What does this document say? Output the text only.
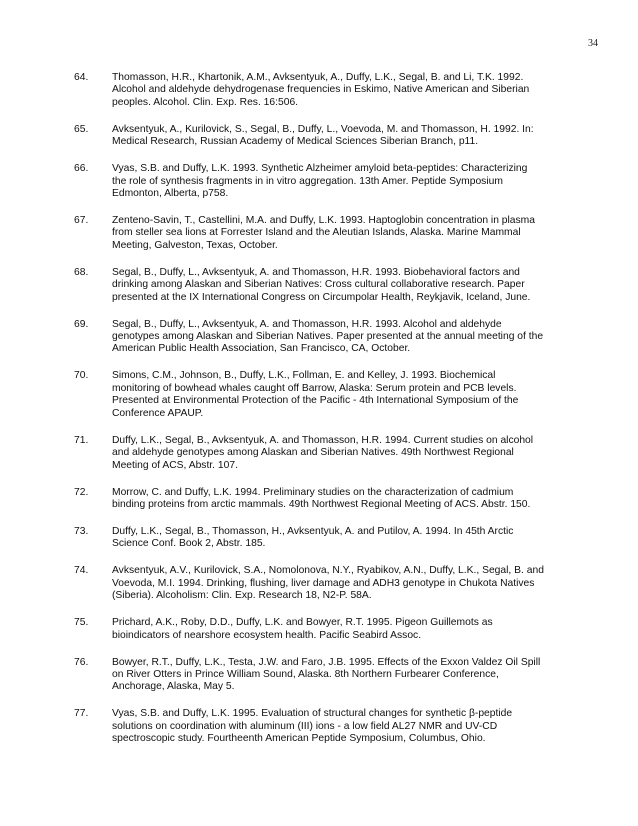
34
64.	Thomasson, H.R., Khartonik, A.M., Avksentyuk, A., Duffy, L.K., Segal, B. and Li, T.K. 1992.
Alcohol and aldehyde dehydrogenase frequencies in Eskimo, Native American and Siberian
peoples. Alcohol. Clin. Exp. Res. 16:506.
65.	Avksentyuk, A., Kurilovick, S., Segal, B., Duffy, L., Voevoda, M. and Thomasson, H. 1992. In:
Medical Research, Russian Academy of Medical Sciences Siberian Branch, p11.
66.	Vyas, S.B. and Duffy, L.K. 1993. Synthetic Alzheimer amyloid beta-peptides: Characterizing
the role of synthesis fragments in in vitro aggregation. 13th Amer. Peptide Symposium
Edmonton, Alberta, p758.
67.	Zenteno-Savin, T., Castellini, M.A. and Duffy, L.K. 1993. Haptoglobin concentration in plasma
from steller sea lions at Forrester Island and the Aleutian Islands, Alaska. Marine Mammal
Meeting, Galveston, Texas, October.
68.	Segal, B., Duffy, L., Avksentyuk, A. and Thomasson, H.R. 1993. Biobehavioral factors and
drinking among Alaskan and Siberian Natives: Cross cultural collaborative research. Paper
presented at the IX International Congress on Circumpolar Health, Reykjavik, Iceland, June.
69.	Segal, B., Duffy, L., Avksentyuk, A. and Thomasson, H.R. 1993. Alcohol and aldehyde
genotypes among Alaskan and Siberian Natives. Paper presented at the annual meeting of the
American Public Health Association, San Francisco, CA, October.
70.	Simons, C.M., Johnson, B., Duffy, L.K., Follman, E. and Kelley, J. 1993. Biochemical
monitoring of bowhead whales caught off Barrow, Alaska: Serum protein and PCB levels.
Presented at Environmental Protection of the Pacific - 4th International Symposium of the
Conference APAUP.
71.	Duffy, L.K., Segal, B., Avksentyuk, A. and Thomasson, H.R. 1994. Current studies on alcohol
and aldehyde genotypes among Alaskan and Siberian Natives. 49th Northwest Regional
Meeting of ACS, Abstr. 107.
72.	Morrow, C. and Duffy, L.K. 1994. Preliminary studies on the characterization of cadmium
binding proteins from arctic mammals. 49th Northwest Regional Meeting of ACS. Abstr. 150.
73.	Duffy, L.K., Segal, B., Thomasson, H., Avksentyuk, A. and Putilov, A. 1994. In 45th Arctic
Science Conf. Book 2, Abstr. 185.
74.	Avksentyuk, A.V., Kurilovick, S.A., Nomolonova, N.Y., Ryabikov, A.N., Duffy, L.K., Segal, B. and
Voevoda, M.I. 1994. Drinking, flushing, liver damage and ADH3 genotype in Chukota Natives
(Siberia). Alcoholism: Clin. Exp. Research 18, N2-P. 58A.
75.	Prichard, A.K., Roby, D.D., Duffy, L.K. and Bowyer, R.T. 1995. Pigeon Guillemots as
bioindicators of nearshore ecosystem health. Pacific Seabird Assoc.
76.	Bowyer, R.T., Duffy, L.K., Testa, J.W. and Faro, J.B. 1995. Effects of the Exxon Valdez Oil Spill
on River Otters in Prince William Sound, Alaska. 8th Northern Furbearer Conference,
Anchorage, Alaska, May 5.
77.	Vyas, S.B. and Duffy, L.K. 1995. Evaluation of structural changes for synthetic β-peptide
solutions on coordination with aluminum (III) ions - a low field AL27 NMR and UV-CD
spectroscopic study. Fourtheenth American Peptide Symposium, Columbus, Ohio.
